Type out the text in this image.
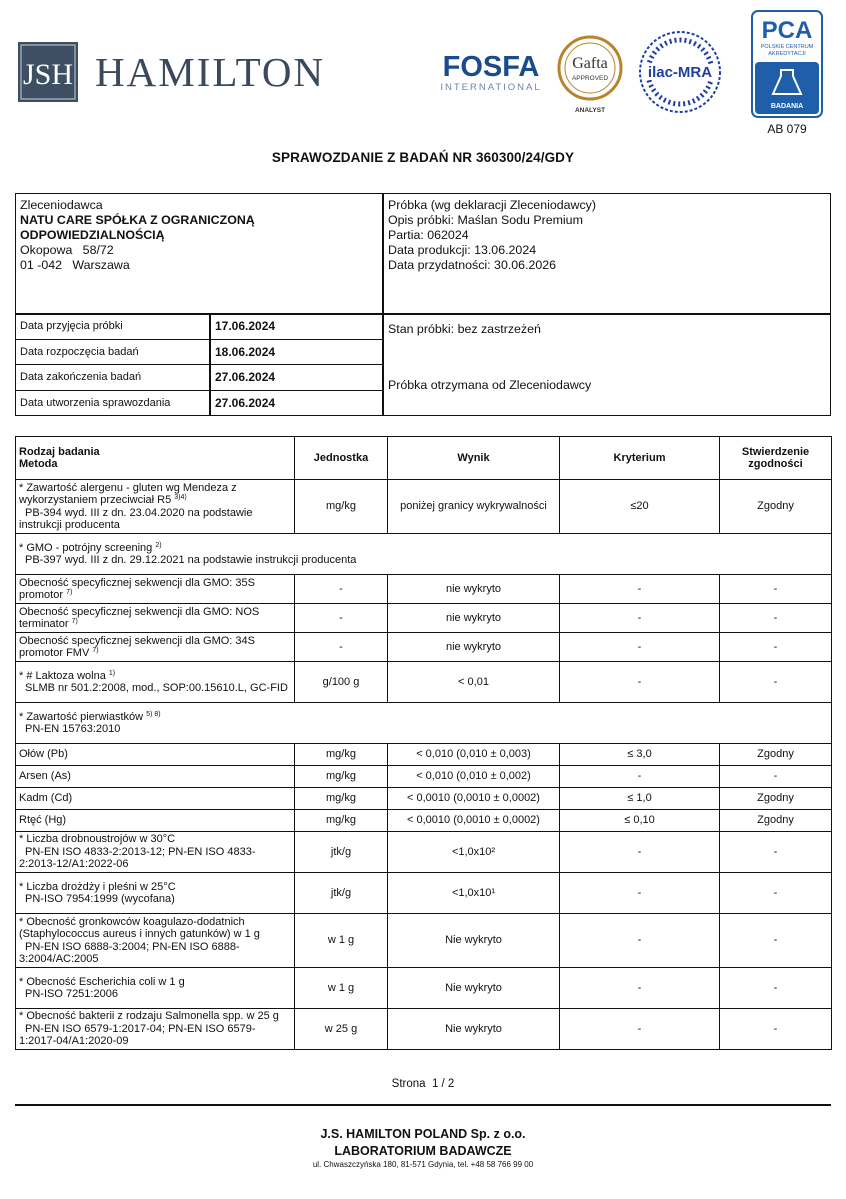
JSH HAMILTON	FOSFA
INTERNATIONAL
Gafta
APPROVED
ANALYST
ilac-MRA
PCA
POLSKIE CENTRUM
AKREDYTACJI
BADANIA
AB 079
SPRAWOZDANIE Z BADAŃ NR 360300/24/GDY
Zleceniodawca
NATU CARE SPÓŁKA Z OGRANICZONĄ
ODPOWIEDZIALNOŚCIĄ
Okopowa   58/72
01 -042   Warszawa
Próbka (wg deklaracji Zleceniodawcy)
Opis próbki: Maślan Sodu Premium
Partia: 062024
Data produkcji: 13.06.2024
Data przydatności: 30.06.2026
Data przyjęcia próbki	17.06.2024
Data rozpoczęcia badań	18.06.2024
Data zakończenia badań	27.06.2024
Data utworzenia sprawozdania	27.06.2024
Stan próbki: bez zastrzeżeń
Próbka otrzymana od Zleceniodawcy
Rodzaj badania
Metoda	Jednostka	Wynik	Kryterium	Stwierdzenie
zgodności
* Zawartość alergenu - gluten wg Mendeza z wykorzystaniem przeciwciał R5 $^{3)4)}$
PB-394 wyd. III z dn. 23.04.2020 na podstawie instrukcji producenta	mg/kg	poniżej granicy wykrywalności	≤20	Zgodny
* GMO - potrójny screening $^{2)}$
PB-397 wyd. III z dn. 29.12.2021 na podstawie instrukcji producenta				
Obecność specyficznej sekwencji dla GMO: 35S promotor $^{7)}$	-	nie wykryto	-	-
Obecność specyficznej sekwencji dla GMO: NOS terminator $^{7)}$	-	nie wykryto	-	-
Obecność specyficznej sekwencji dla GMO: 34S promotor FMV $^{7)}$	-	nie wykryto	-	-
* # Laktoza wolna $^{1)}$
SLMB nr 501.2:2008, mod., SOP:00.15610.L, GC-FID	g/100 g	< 0,01	-	-
* Zawartość pierwiastków $^{5) 8)}$
PN-EN 15763:2010				
Ołów (Pb)	mg/kg	< 0,010 (0,010 ± 0,003)	≤ 3,0	Zgodny
Arsen (As)	mg/kg	< 0,010 (0,010 ± 0,002)	-	-
Kadm (Cd)	mg/kg	< 0,0010 (0,0010 ± 0,0002)	≤ 1,0	Zgodny
Rtęć (Hg)	mg/kg	< 0,0010 (0,0010 ± 0,0002)	≤ 0,10	Zgodny
* Liczba drobnoustrojów w 30°C
PN-EN ISO 4833-2:2013-12; PN-EN ISO 4833-2:2013-12/A1:2022-06	jtk/g	<1,0x10²	-	-
* Liczba drożdży i pleśni w 25°C
PN-ISO 7954:1999 (wycofana)	jtk/g	<1,0x10¹	-	-
* Obecność gronkowców koagulazo-dodatnich (Staphylococcus aureus i innych gatunków) w 1 g
PN-EN ISO 6888-3:2004; PN-EN ISO 6888-3:2004/AC:2005	w 1 g	Nie wykryto	-	-
* Obecność Escherichia coli w 1 g
PN-ISO 7251:2006	w 1 g	Nie wykryto	-	-
* Obecność bakterii z rodzaju Salmonella spp. w 25 g
PN-EN ISO 6579-1:2017-04; PN-EN ISO 6579-1:2017-04/A1:2020-09	w 25 g	Nie wykryto	-	-
Strona  1 / 2
J.S. HAMILTON POLAND Sp. z o.o.
LABORATORIUM BADAWCZE
ul. Chwaszczyńska 180, 81-571 Gdynia, tel. +48 58 766 99 00
